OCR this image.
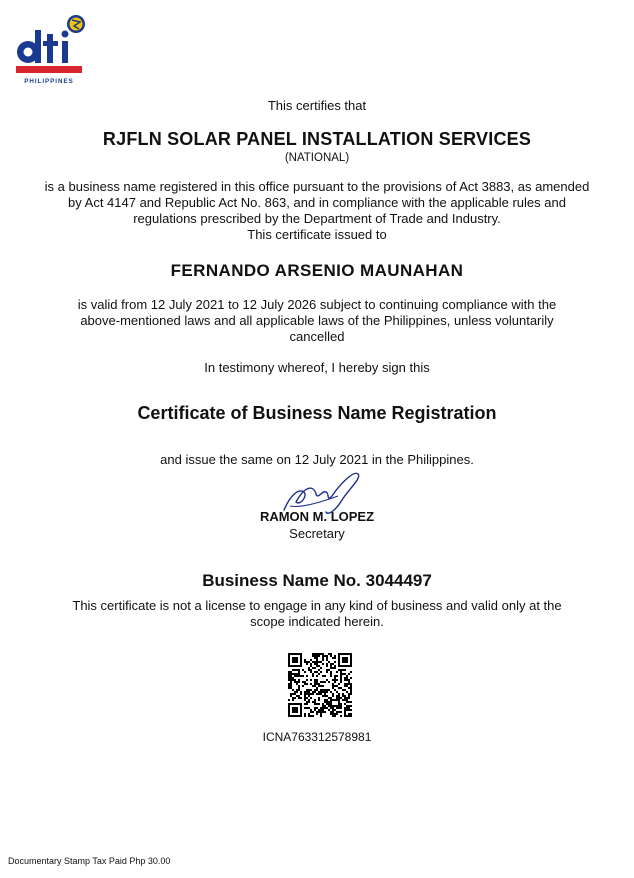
PHILIPPINES
This certifies that
RJFLN SOLAR PANEL INSTALLATION SERVICES
(NATIONAL)
is a business name registered in this office pursuant to the provisions of Act 3883, as amended
by Act 4147 and Republic Act No. 863, and in compliance with the applicable rules and
regulations prescribed by the Department of Trade and Industry.
This certificate issued to
FERNANDO ARSENIO MAUNAHAN
is valid from 12 July 2021 to 12 July 2026 subject to continuing compliance with the
above-mentioned laws and all applicable laws of the Philippines, unless voluntarily
cancelled
In testimony whereof, I hereby sign this
Certificate of Business Name Registration
and issue the same on 12 July 2021 in the Philippines.
RAMON M. LOPEZ
Secretary
Business Name No. 3044497
This certificate is not a license to engage in any kind of business and valid only at the
scope indicated herein.
ICNA763312578981
Documentary Stamp Tax Paid Php 30.00
